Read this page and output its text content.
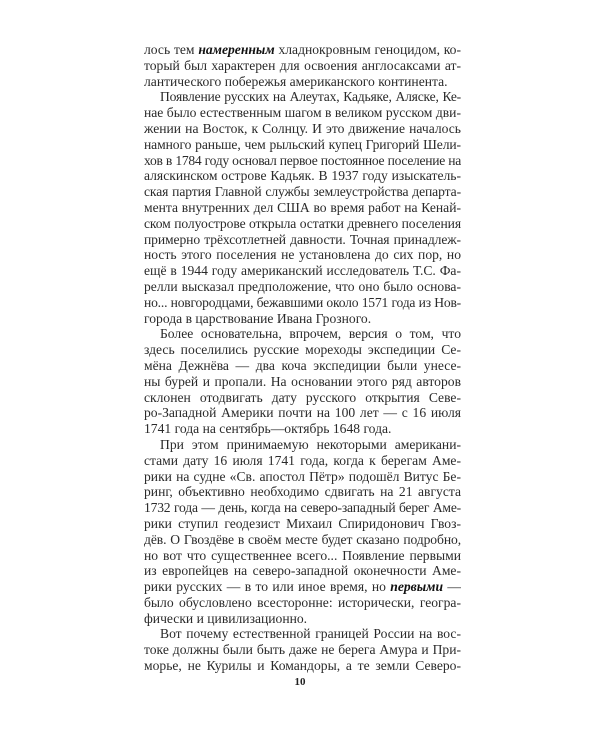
лось тем намеренным хладнокровным геноцидом, ко-
торый был характерен для освоения англосаксами ат-
лантического побережья американского континента.
Появление русских на Алеутах, Кадьяке, Аляске, Ке-
нае было естественным шагом в великом русском дви-
жении на Восток, к Солнцу. И это движение началось
намного раньше, чем рыльский купец Григорий Шели-
хов в 1784 году основал первое постоянное поселение на
аляскинском острове Кадьяк. В 1937 году изыскатель-
ская партия Главной службы землеустройства департа-
мента внутренних дел США во время работ на Кенай-
ском полуострове открыла остатки древнего поселения
примерно трёхсотлетней давности. Точная принадлеж-
ность этого поселения не установлена до сих пор, но
ещё в 1944 году американский исследователь Т.С. Фа-
релли высказал предположение, что оно было основа-
но... новгородцами, бежавшими около 1571 года из Нов-
города в царствование Ивана Грозного.
Более основательна, впрочем, версия о том, что
здесь поселились русские мореходы экспедиции Се-
мёна Дежнёва — два коча экспедиции были унесе-
ны бурей и пропали. На основании этого ряд авторов
склонен отодвигать дату русского открытия Севе-
ро-Западной Америки почти на 100 лет — с 16 июля
1741 года на сентябрь—октябрь 1648 года.
При этом принимаемую некоторыми американи-
стами дату 16 июля 1741 года, когда к берегам Аме-
рики на судне «Св. апостол Пётр» подошёл Витус Бе-
ринг, объективно необходимо сдвигать на 21 августа
1732 года — день, когда на северо-западный берег Аме-
рики ступил геодезист Михаил Спиридонович Гвоз-
дёв. О Гвоздёве в своём месте будет сказано подробно,
но вот что существеннее всего... Появление первыми
из европейцев на северо-западной оконечности Аме-
рики русских — в то или иное время, но первыми —
было обусловлено всесторонне: исторически, геогра-
фически и цивилизационно.
Вот почему естественной границей России на вос-
токе должны были быть даже не берега Амура и При-
морье, не Курилы и Командоры, а те земли Северо-
10
